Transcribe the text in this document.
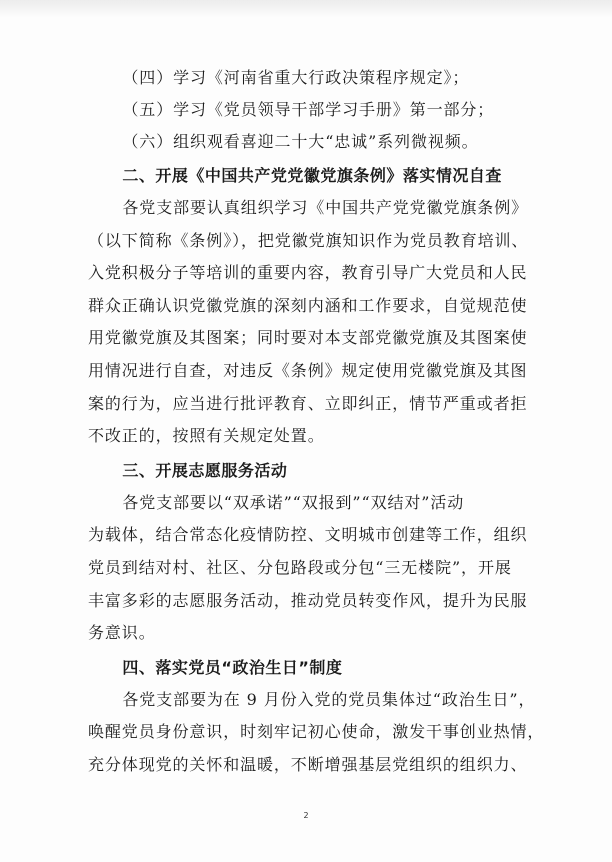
（四）学习《河南省重大行政决策程序规定》；
（五）学习《党员领导干部学习手册》第一部分；
（六）组织观看喜迎二十大“忠诚”系列微视频。
二、开展《中国共产党党徽党旗条例》落实情况自查
各党支部要认真组织学习《中国共产党党徽党旗条例》
（以下简称《条例》），把党徽党旗知识作为党员教育培训、
入党积极分子等培训的重要内容，教育引导广大党员和人民
群众正确认识党徽党旗的深刻内涵和工作要求，自觉规范使
用党徽党旗及其图案；同时要对本支部党徽党旗及其图案使
用情况进行自查，对违反《条例》规定使用党徽党旗及其图
案的行为，应当进行批评教育、立即纠正，情节严重或者拒
不改正的，按照有关规定处置。
三、开展志愿服务活动
各党支部要以“双承诺”“双报到”“双结对”活动
为载体，结合常态化疫情防控、文明城市创建等工作，组织
党员到结对村、社区、分包路段或分包“三无楼院”，开展
丰富多彩的志愿服务活动，推动党员转变作风，提升为民服
务意识。
四、落实党员“政治生日”制度
各党支部要为在 9 月份入党的党员集体过“政治生日”，
唤醒党员身份意识，时刻牢记初心使命，激发干事创业热情，
充分体现党的关怀和温暖，不断增强基层党组织的组织力、
2
